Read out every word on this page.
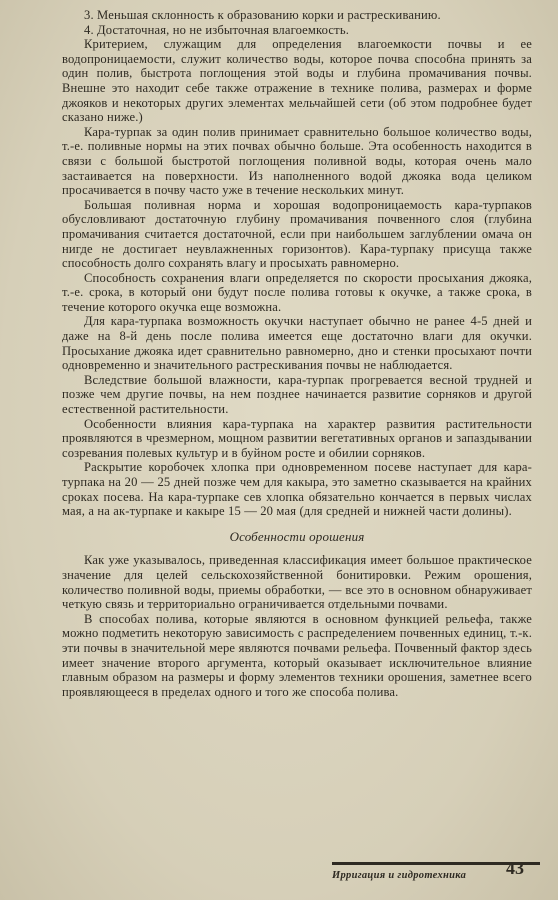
3. Меньшая склонность к образованию корки и растрескиванию.

4. Достаточная, но не избыточная влагоемкость.

Критерием, служащим для определения влагоемкости почвы и ее водопроницаемости, служит количество воды, которое почва способна принять за один полив, быстрота поглощения этой воды и глубина промачивания почвы. Внешне это находит себе также отражение в технике полива, размерах и форме джояков и некоторых других элементах мельчайшей сети (об этом подробнее будет сказано ниже.)

Кара-турпак за один полив принимает сравнительно большое количество воды, т.-е. поливные нормы на этих почвах обычно больше. Эта особенность находится в связи с большой быстротой поглощения поливной воды, которая очень мало застаивается на поверхности. Из наполненного водой джояка вода целиком просачивается в почву часто уже в течение нескольких минут.

Большая поливная норма и хорошая водопроницаемость кара-турпаков обусловливают достаточную глубину промачивания почвенного слоя (глубина промачивания считается достаточной, если при наибольшем заглублении омача он нигде не достигает неувлажненных горизонтов). Кара-турпаку присуща также способность долго сохранять влагу и просыхать равномерно.

Способность сохранения влаги определяется по скорости просыхания джояка, т.-е. срока, в который они будут после полива готовы к окучке, а также срока, в течение которого окучка еще возможна.

Для кара-турпака возможность окучки наступает обычно не ранее 4-5 дней и даже на 8-й день после полива имеется еще достаточно влаги для окучки. Просыхание джояка идет сравнительно равномерно, дно и стенки просыхают почти одновременно и значительного растрескивания почвы не наблюдается.

Вследствие большой влажности, кара-турпак прогревается весной трудней и позже чем другие почвы, на нем позднее начинается развитие сорняков и другой естественной растительности.

Особенности влияния кара-турпака на характер развития растительности проявляются в чрезмерном, мощном развитии вегетативных органов и запаздывании созревания полевых культур и в буйном росте и обилии сорняков.

Раскрытие коробочек хлопка при одновременном посеве наступает для кара-турпака на 20 — 25 дней позже чем для какыра, это заметно сказывается на крайних сроках посева. На кара-турпаке сев хлопка обязательно кончается в первых числах мая, а на ак-турпаке и какыре 15 — 20 мая (для средней и нижней части долины).

Особенности орошения

Как уже указывалось, приведенная классификация имеет большое практическое значение для целей сельскохозяйственной бонитировки. Режим орошения, количество поливной воды, приемы обработки, — все это в основном обнаруживает четкую связь и территориально ограничивается отдельными почвами.

В способах полива, которые являются в основном функцией рельефа, также можно подметить некоторую зависимость с распределением почвенных единиц, т.-к. эти почвы в значительной мере являются почвами рельефа. Почвенный фактор здесь имеет значение второго аргумента, который оказывает исключительное влияние главным образом на размеры и форму элементов техники орошения, заметнее всего проявляющееся в пределах одного и того же способа полива.

Ирригация и гидротехника 43
